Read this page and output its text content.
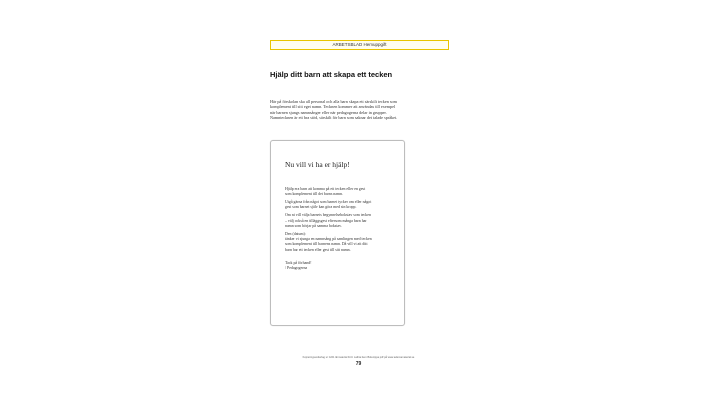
ARBETSBLAD Hemuppgift
Hjälp ditt barn att skapa ett tecken

Här på förskolan ska all personal och alla barn skapa ett särskilt tecken som

komplement till sitt eget namn. Tecknen kommer att användas till exempel

när barnen sjungs namnsånger eller när pedagogerna delar in grupper.

Namntecknen är ett bra stöd, särskilt för barn som saknar det talade språket.

Nu vill vi ha er hjälp!

Hjälp era barn att komma på ett tecken eller en gest
som komplement till det barns namn.

Utgå gärna från något som barnet tycker om eller något
gest som barnet själv kan göra med sin kropp.

Om ni vill välja barnets begynnelsebokstav som tecken
– välj också en tilläggsgest eftersom många barn har
namn som börjar på samma bokstav.

Den (datum):
tänker vi sjunga en namnsång på samlingen med tecken
som komplement till barnens namn. Då vill vi att ditt
barn har ett tecken eller gest till sitt namn.

Tack på förhand!
/ Pedagogerna

Kopieringsunderlag ur Gr01 lärmaterial Fröl. Lathia bem Bolenippa pdf på www.adei-lamaterial.se
79
